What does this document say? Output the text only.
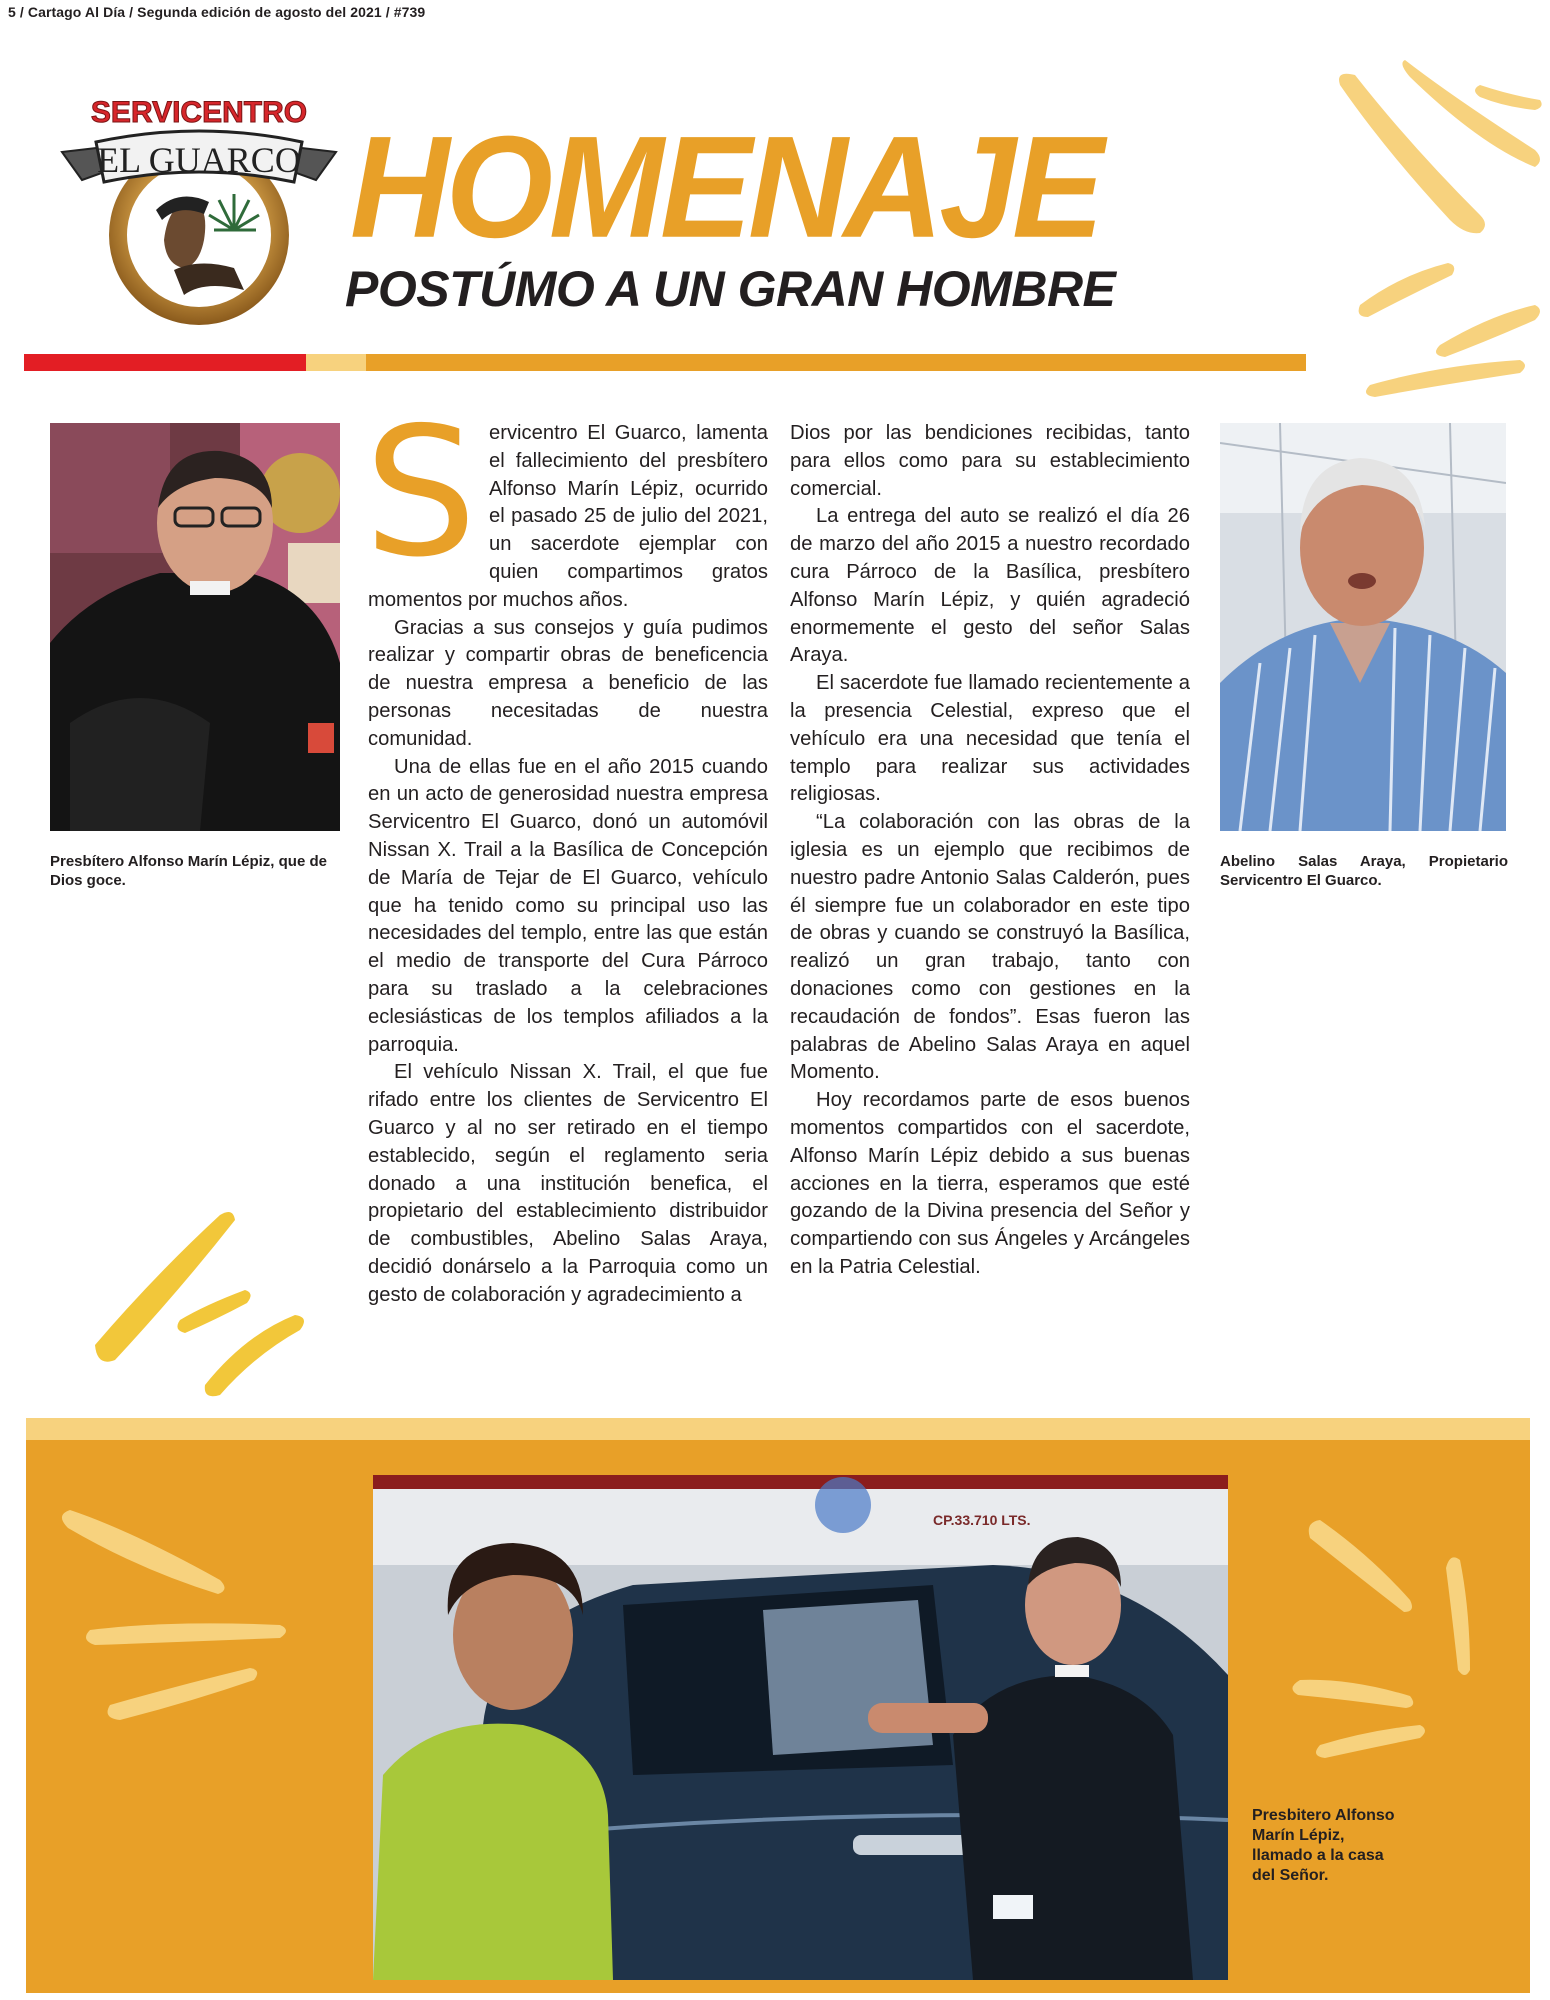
5 / Cartago Al Día / Segunda edición de agosto del 2021 / #739
SERVICENTRO
EL GUARCO HOMENAJE
POSTÚMO A UN GRAN HOMBRE
Presbítero Alfonso Marín Lépiz, que de Dios goce.
Abelino Salas Araya, Propietario Servicentro El Guarco.

Servicentro El Guarco, lamenta el fallecimiento del presbítero Alfonso Marín Lépiz, ocurrido el pasado 25 de julio del 2021, un sacerdote ejemplar con quien compartimos gratos momentos por muchos años.

Gracias a sus consejos y guía pudimos realizar y compartir obras de beneficencia de nuestra empresa a beneficio de las personas necesitadas de nuestra comunidad.

Una de ellas fue en el año 2015 cuando en un acto de generosidad nuestra empresa Servicentro El Guarco, donó un automóvil Nissan X. Trail a la Basílica de Concepción de María de Tejar de El Guarco, vehículo que ha tenido como su principal uso las necesidades del templo, entre las que están el medio de transporte del Cura Párroco para su traslado a la celebraciones eclesiásticas de los templos afiliados a la parroquia.

El vehículo Nissan X. Trail, el que fue rifado entre los clientes de Servicentro El Guarco y al no ser retirado en el tiempo establecido, según el reglamento seria donado a una institución benefica, el propietario del establecimiento distribuidor de combustibles, Abelino Salas Araya, decidió donárselo a la Parroquia como un gesto de colaboración y agradecimiento a

Dios por las bendiciones recibidas, tanto para ellos como para su establecimiento comercial.

La entrega del auto se realizó el día 26 de marzo del año 2015 a nuestro recordado cura Párroco de la Basílica, presbítero Alfonso Marín Lépiz, y quién agradeció enormemente el gesto del señor Salas Araya.

El sacerdote fue llamado recientemente a la presencia Celestial, expreso que el vehículo era una necesidad que tenía el templo para realizar sus actividades religiosas.

“La colaboración con las obras de la iglesia es un ejemplo que recibimos de nuestro padre Antonio Salas Calderón, pues él siempre fue un colaborador en este tipo de obras y cuando se construyó la Basílica, realizó un gran trabajo, tanto con donaciones como con gestiones en la recaudación de fondos”. Esas fueron las palabras de Abelino Salas Araya en aquel Momento.

Hoy recordamos parte de esos buenos momentos compartidos con el sacerdote, Alfonso Marín Lépiz debido a sus buenas acciones en la tierra, esperamos que esté gozando de la Divina presencia del Señor y compartiendo con sus Ángeles y Arcángeles en la Patria Celestial.

CP.33.710 LTS.
Presbitero Alfonso Marín Lépiz, llamado a la casa del Señor.
